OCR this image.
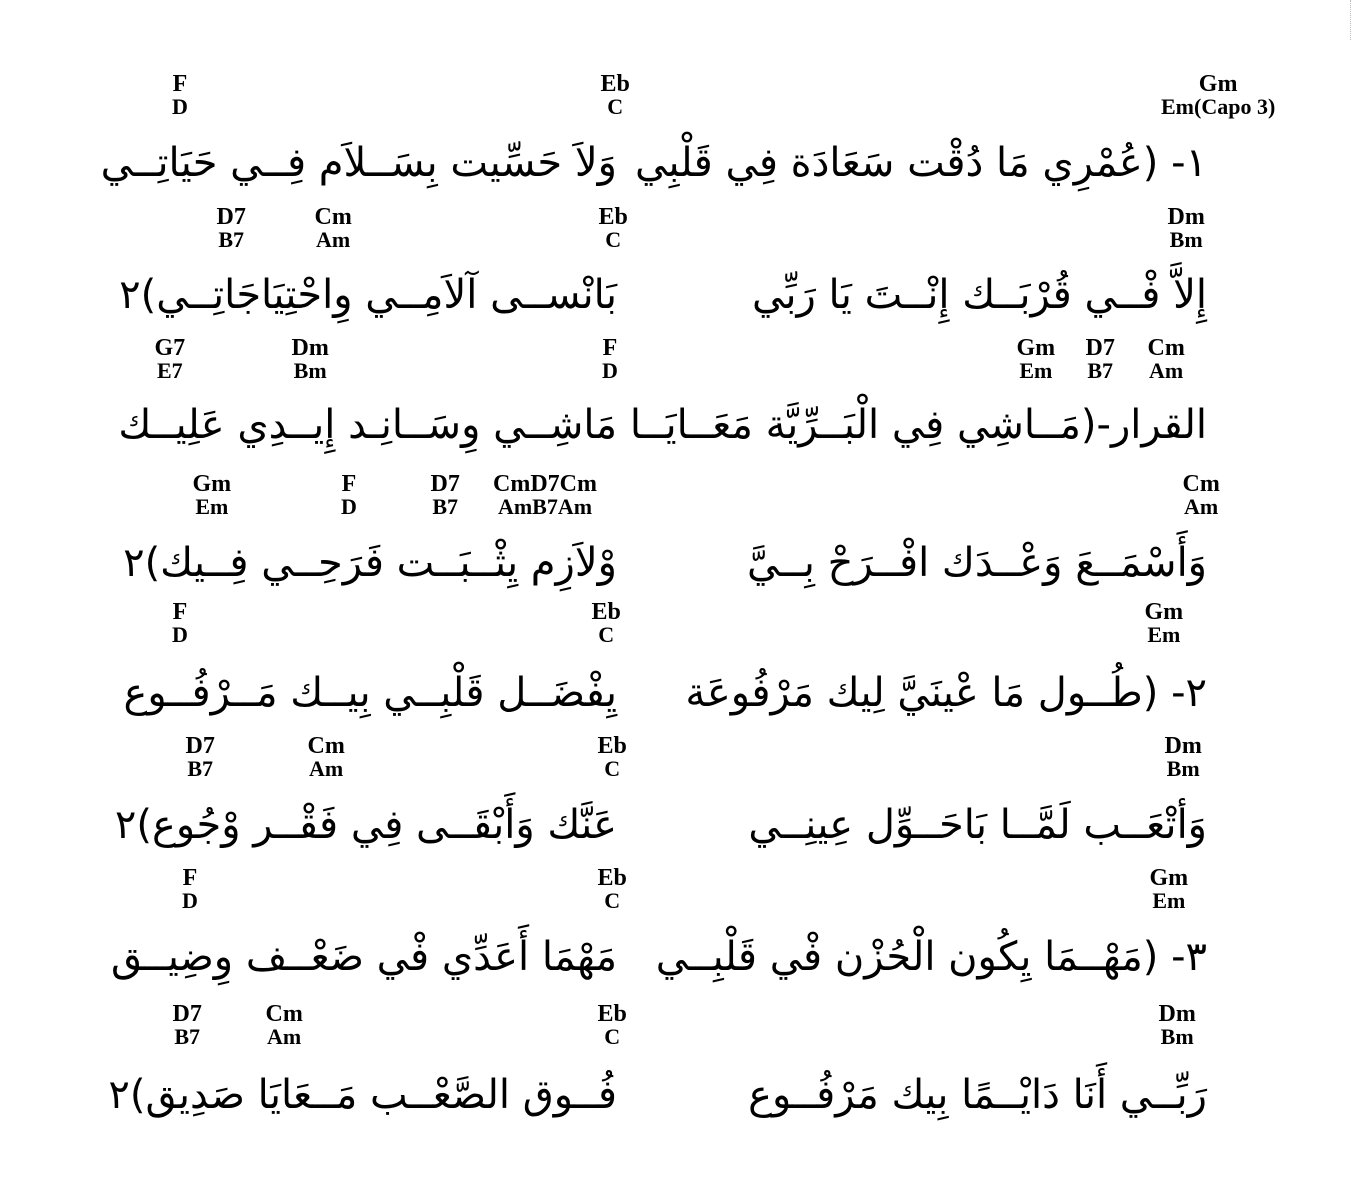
F
D
Eb
C
Gm
Em(Capo 3)
١- (عُمْرِي مَا دُقْت سَعَادَة فِي قَلْبِي
وَلاَ حَسِّيت بِسَــلاَم فِــي حَيَاتِــي
D7
B7
Cm
Am
Eb
C
Dm
Bm
إِلاَّ فْــي قُرْبَــك إِنْــتَ يَا رَبِّي
بَانْســى آلاَمِــي وِاحْتِيَاجَاتِــي)٢
G7
E7
Dm
Bm
F
D
Gm
Em
D7
B7
Cm
Am
القرار-(مَــاشِي فِي الْبَــرِّيَّة مَعَــايَــا
مَاشِــي وِسَــانِـد إِيــدِي عَلِيــك
Gm
Em
F
D
D7
B7
CmD7Cm
AmB7Am
Cm
Am
وَأَسْمَــعَ وَعْــدَك افْــرَحْ بِــيَّ
وْلاَزِم يِثْــبَــت فَرَحِــي فِــيك)٢
F
D
Eb
C
Gm
Em
٢- (طُــول مَا عْينَيَّ لِيك مَرْفُوعَة
يِفْضَــل قَلْبِــي بِيــك مَــرْفُــوع
D7
B7
Cm
Am
Eb
C
Dm
Bm
وَأتْعَــب لَمَّــا بَاحَــوِّل عِينِــي
عَنَّك وَأَبْقَــى فِي فَقْــر وْجُوع)٢
F
D
Eb
C
Gm
Em
٣- (مَهْــمَا يِكُون الْحُزْن فْي قَلْبِــي
مَهْمَا أَعَدِّي فْي ضَعْــف وِضِيــق
D7
B7
Cm
Am
Eb
C
Dm
Bm
رَبِّــي أَنَا دَايْــمًا بِيك مَرْفُــوع
فُــوق الصَّعْــب مَــعَايَا صَدِيق)٢
